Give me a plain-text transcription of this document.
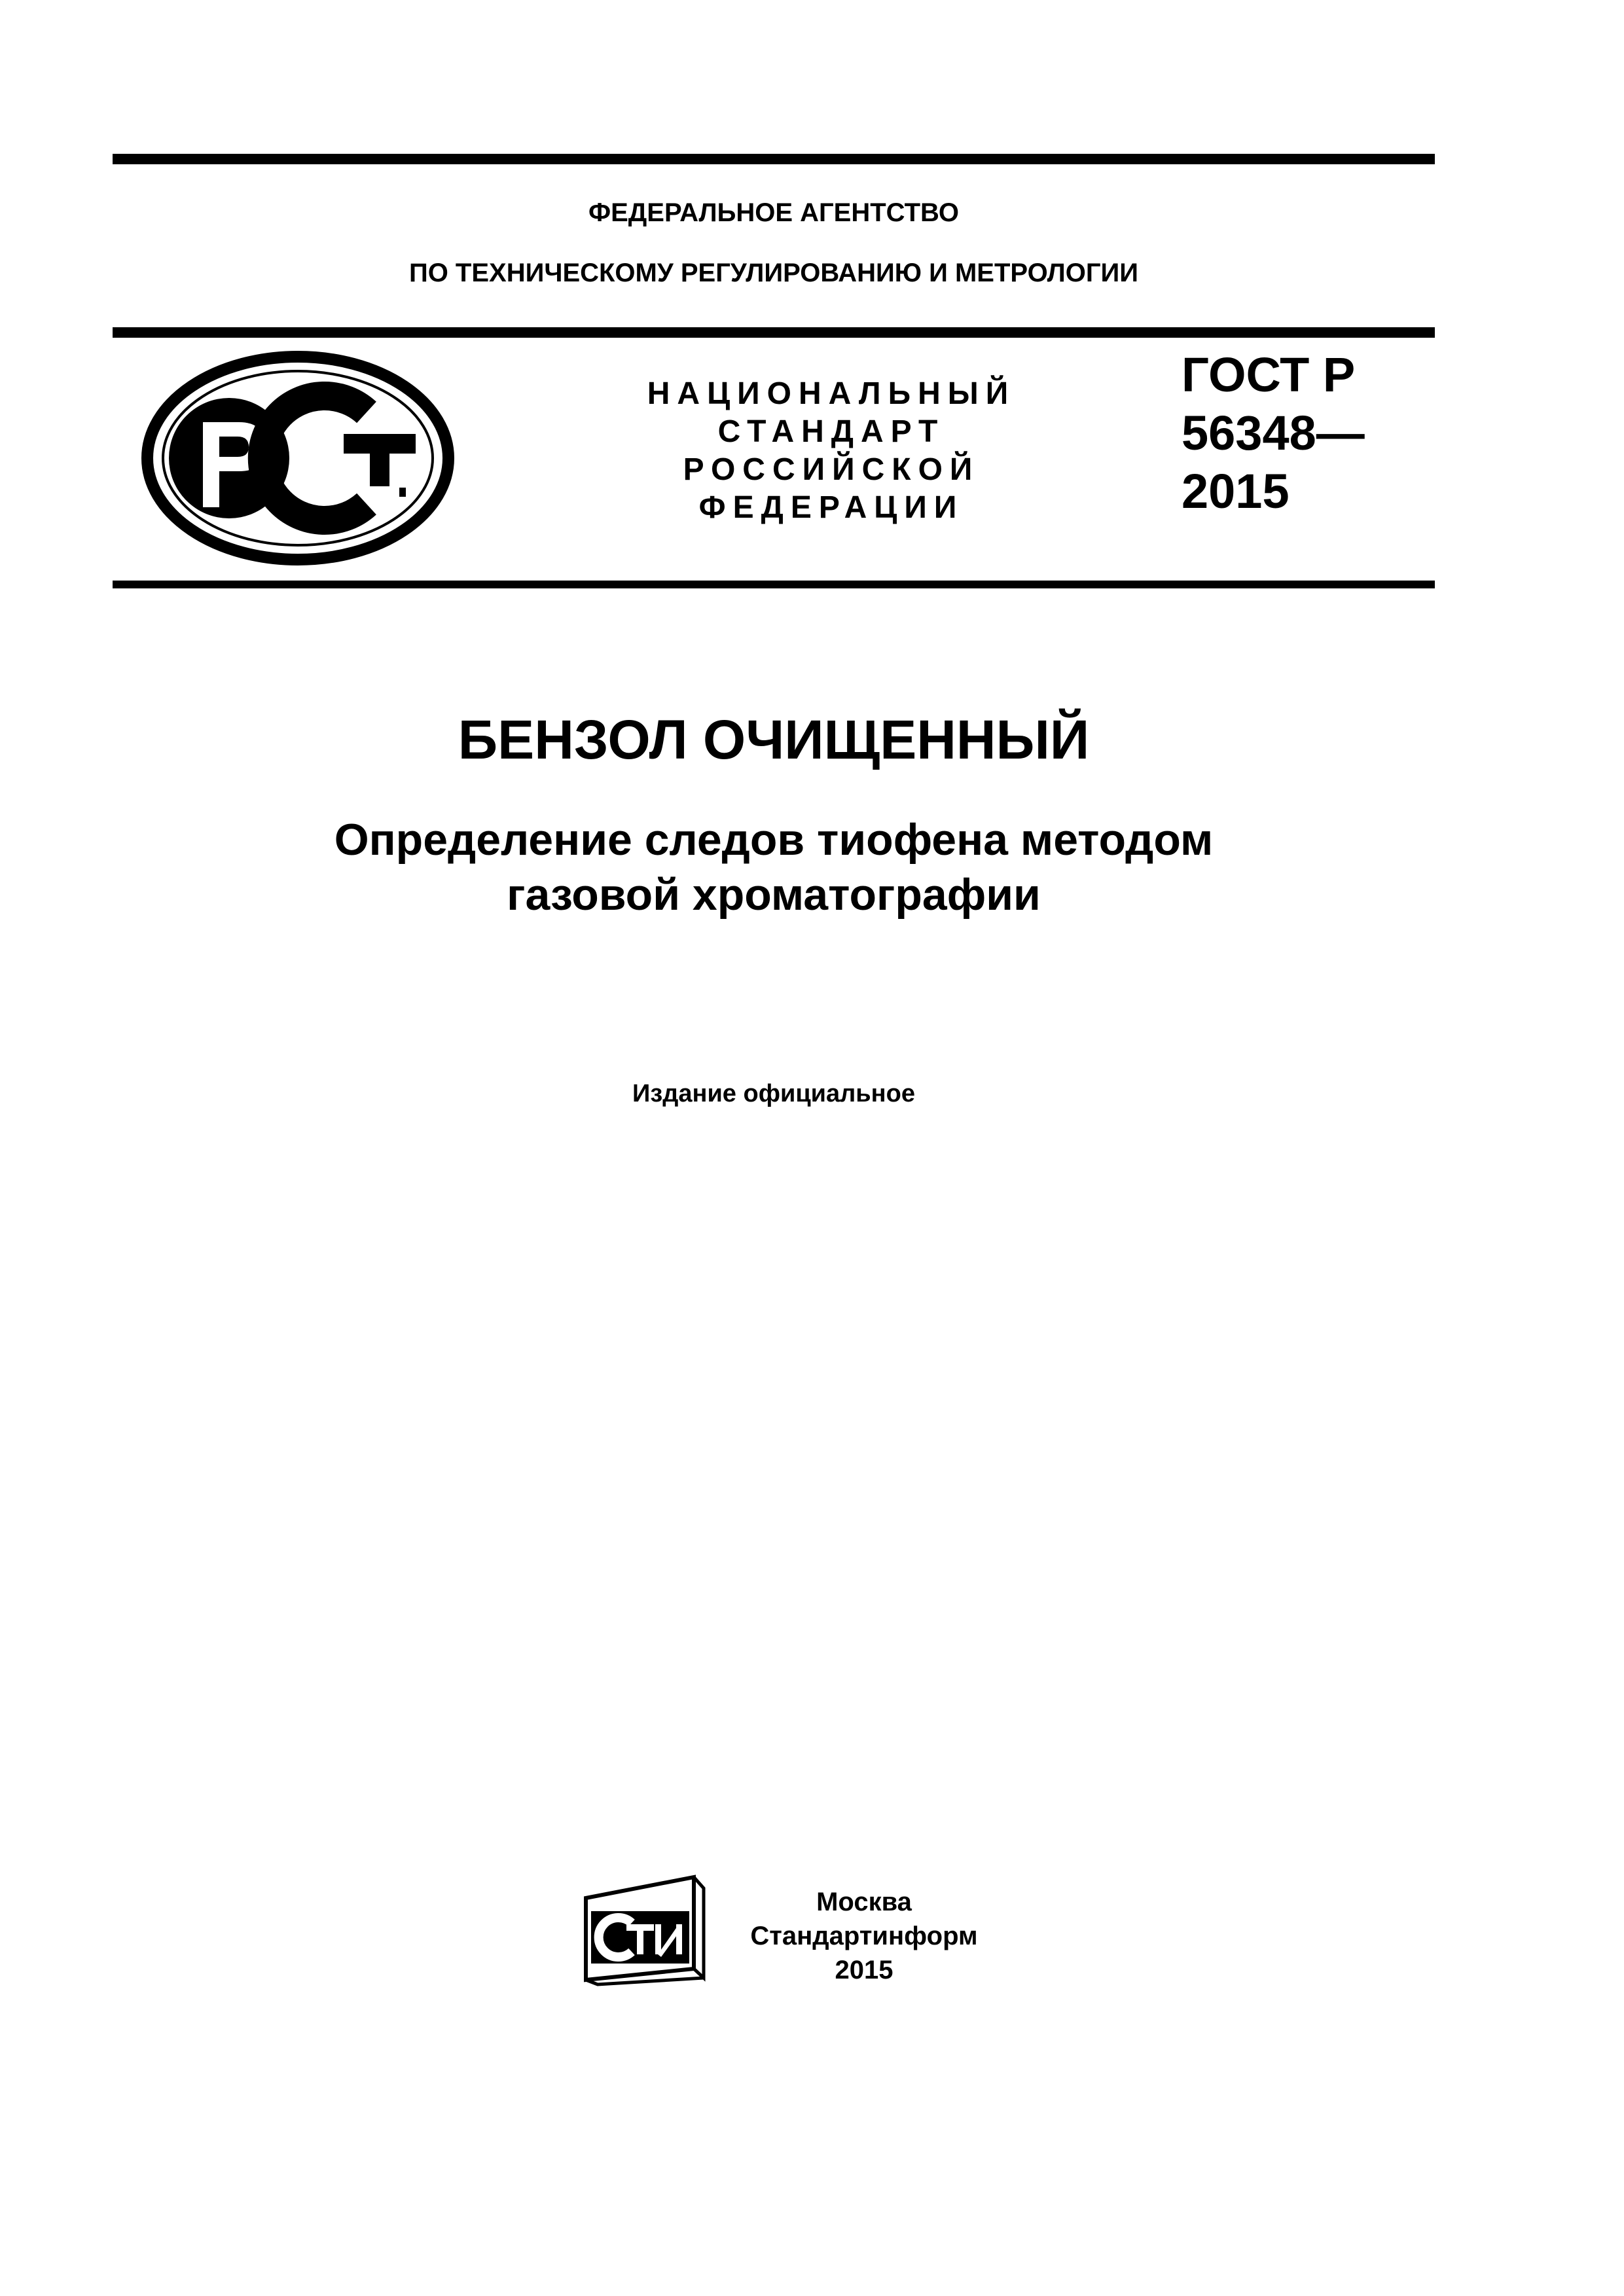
ФЕДЕРАЛЬНОЕ АГЕНТСТВО
ПО ТЕХНИЧЕСКОМУ РЕГУЛИРОВАНИЮ И МЕТРОЛОГИИ
НАЦИОНАЛЬНЫЙ
СТАНДАРТ
РОССИЙСКОЙ
ФЕДЕРАЦИИ
ГОСТ Р
56348—
2015
БЕНЗОЛ ОЧИЩЕННЫЙ
Определение следов тиофена методом
газовой хроматографии
Издание официальное
Москва
Стандартинформ
2015
